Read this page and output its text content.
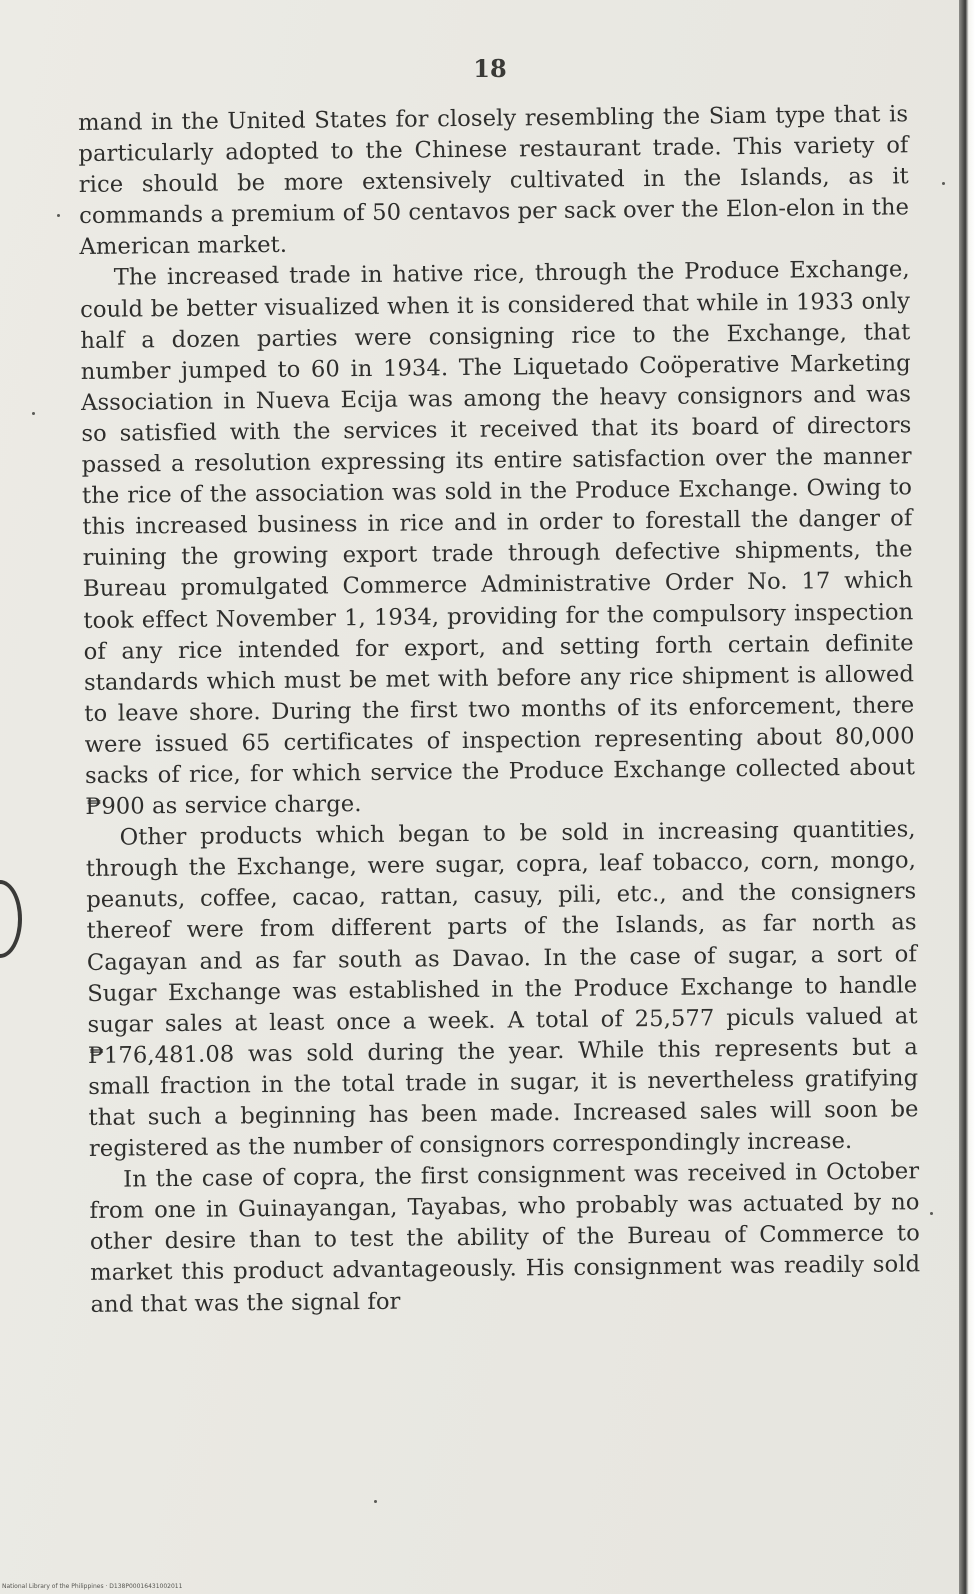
18

mand in the United States for closely resembling the Siam type that is particularly adopted to the Chinese restaurant trade. This variety of rice should be more extensively cultivated in the Islands, as it commands a premium of 50 centavos per sack over the Elon-elon in the American market.

The increased trade in hative rice, through the Produce Exchange, could be better visualized when it is considered that while in 1933 only half a dozen parties were consigning rice to the Exchange, that number jumped to 60 in 1934. The Liquetado Coöperative Marketing Association in Nueva Ecija was among the heavy consignors and was so satisfied with the services it received that its board of directors passed a resolution expressing its entire satisfaction over the manner the rice of the association was sold in the Produce Exchange. Owing to this increased business in rice and in order to forestall the danger of ruining the growing export trade through defective shipments, the Bureau promulgated Commerce Administrative Order No. 17 which took effect November 1, 1934, providing for the compulsory inspection of any rice intended for export, and setting forth certain definite standards which must be met with before any rice shipment is allowed to leave shore. During the first two months of its enforcement, there were issued 65 certificates of inspection representing about 80,000 sacks of rice, for which service the Produce Exchange collected about ₱900 as service charge.

Other products which began to be sold in increasing quantities, through the Exchange, were sugar, copra, leaf tobacco, corn, mongo, peanuts, coffee, cacao, rattan, casuy, pili, etc., and the consigners thereof were from different parts of the Islands, as far north as Cagayan and as far south as Davao. In the case of sugar, a sort of Sugar Exchange was established in the Produce Exchange to handle sugar sales at least once a week. A total of 25,577 piculs valued at ₱176,481.08 was sold during the year. While this represents but a small fraction in the total trade in sugar, it is nevertheless gratifying that such a beginning has been made. Increased sales will soon be registered as the number of consignors correspondingly increase.

In the case of copra, the first consignment was received in October from one in Guinayangan, Tayabas, who probably was actuated by no other desire than to test the ability of the Bureau of Commerce to market this product advantageously. His consignment was readily sold and that was the signal for

National Library of the Philippines · D138P00016431002011
